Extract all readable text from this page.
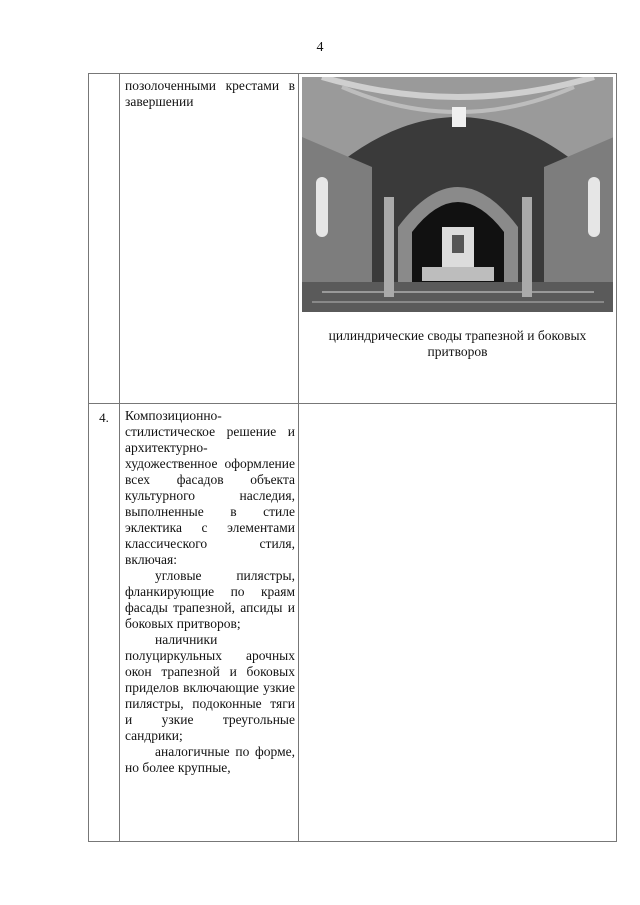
4

	позолоченными крестами в завершении	цилиндрические своды трапезной и боковых притворов

4.	Композиционно-стилистическое решение и архитектурно-художественное оформление всех фасадов объекта культурного наследия, выполненные в стиле эклектика с элементами классического стиля, включая:

угловые пилястры, фланкирующие по краям фасады трапезной, апсиды и боковых притворов;

наличники полуциркульных арочных окон трапезной и боковых приделов включающие узкие пилястры, подоконные тяги и узкие треугольные сандрики;

аналогичные по форме, но более крупные,	
